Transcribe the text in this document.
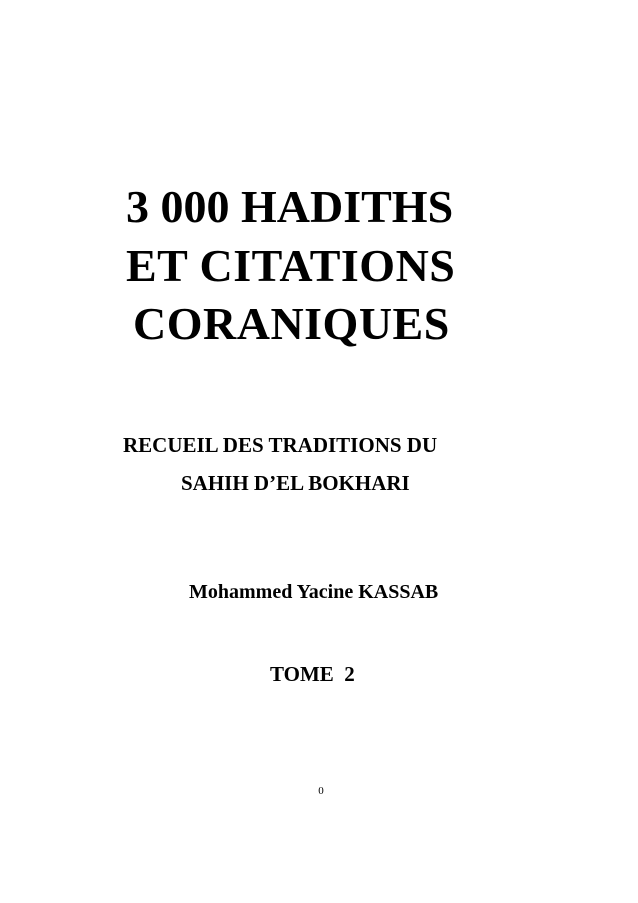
3 000 HADITHS
ET CITATIONS
CORANIQUES

RECUEIL DES TRADITIONS DU

SAHIH D’EL BOKHARI

Mohammed Yacine KASSAB

TOME  2

0
